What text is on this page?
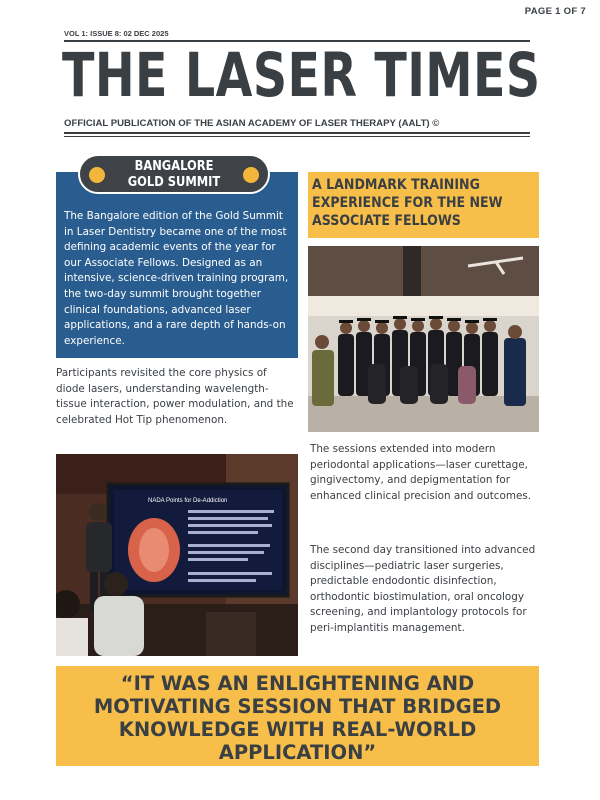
PAGE 1 OF 7
VOL 1: ISSUE 8: 02 DEC 2025
THE LASER TIMES
OFFICIAL PUBLICATION OF THE ASIAN ACADEMY OF LASER THERAPY (AALT) ©
BANGALORE GOLD SUMMIT

The Bangalore edition of the Gold Summit in Laser Dentistry became one of the most defining academic events of the year for our Associate Fellows. Designed as an intensive, science-driven training program, the two-day summit brought together clinical foundations, advanced laser applications, and a rare depth of hands-on experience.

Participants revisited the core physics of diode lasers, understanding wavelength-tissue interaction, power modulation, and the celebrated Hot Tip phenomenon.

NADA Points for De-Addiction
A LANDMARK TRAINING EXPERIENCE FOR THE NEW ASSOCIATE FELLOWS

The sessions extended into modern periodontal applications—laser curettage, gingivectomy, and depigmentation for enhanced clinical precision and outcomes.

The second day transitioned into advanced disciplines—pediatric laser surgeries, predictable endodontic disinfection, orthodontic biostimulation, oral oncology screening, and implantology protocols for peri-implantitis management.

“IT WAS AN ENLIGHTENING AND MOTIVATING SESSION THAT BRIDGED KNOWLEDGE WITH REAL-WORLD APPLICATION”
